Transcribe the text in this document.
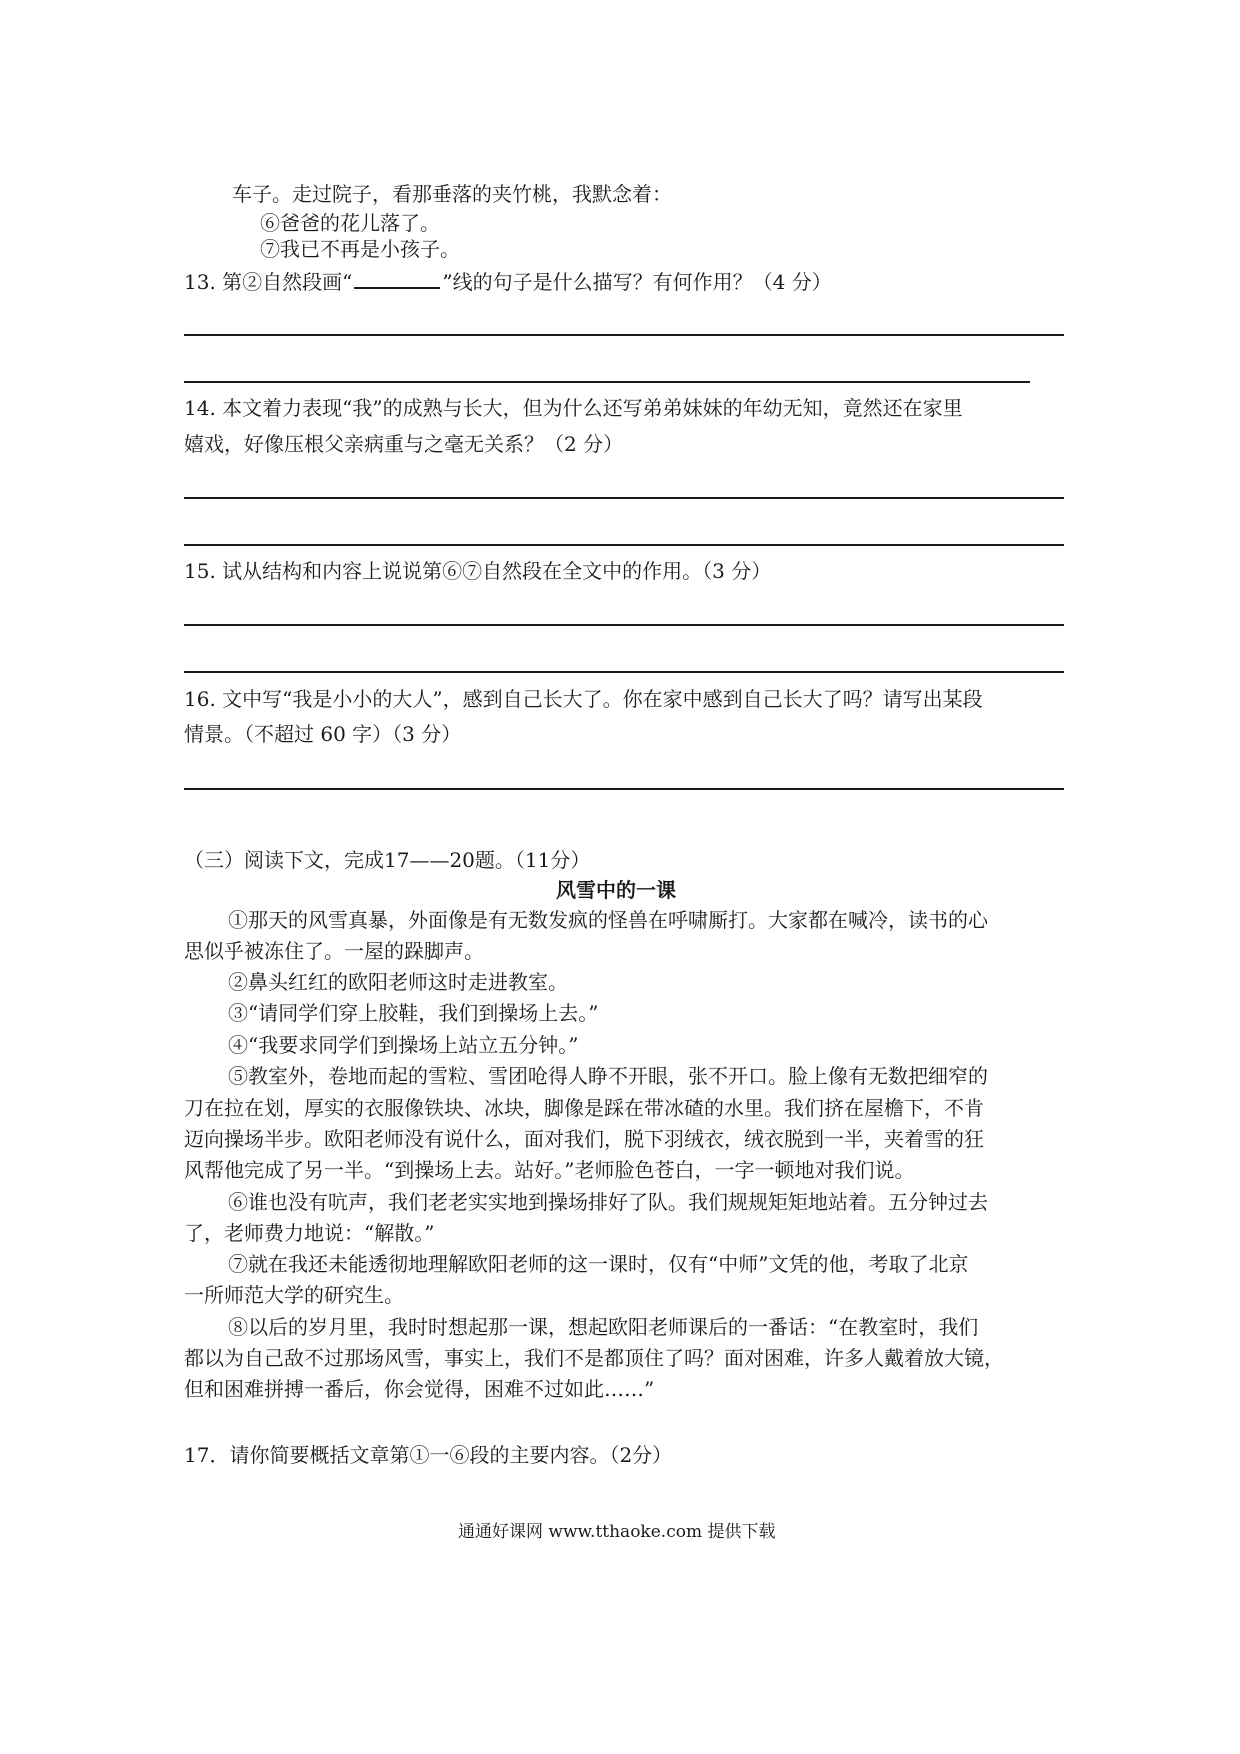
车子。走过院子，看那垂落的夹竹桃，我默念着：
⑥爸爸的花儿落了。
⑦我已不再是小孩子。
13. 第②自然段画“	”线的句子是什么描写？有何作用？（4 分）
14. 本文着力表现“我”的成熟与长大，但为什么还写弟弟妹妹的年幼无知，竟然还在家里
嬉戏，好像压根父亲病重与之毫无关系？（2 分）
15. 试从结构和内容上说说第⑥⑦自然段在全文中的作用。（3 分）
16. 文中写“我是小小的大人”，感到自己长大了。你在家中感到自己长大了吗？请写出某段
情景。（不超过 60 字）（3 分）
（三）阅读下文，完成17——20题。（11分）
风雪中的一课
①那天的风雪真暴，外面像是有无数发疯的怪兽在呼啸厮打。大家都在喊冷，读书的心
思似乎被冻住了。一屋的跺脚声。
②鼻头红红的欧阳老师这时走进教室。
③“请同学们穿上胶鞋，我们到操场上去。”
④“我要求同学们到操场上站立五分钟。”
⑤教室外，卷地而起的雪粒、雪团呛得人睁不开眼，张不开口。脸上像有无数把细窄的
刀在拉在划，厚实的衣服像铁块、冰块，脚像是踩在带冰碴的水里。我们挤在屋檐下，不肯
迈向操场半步。欧阳老师没有说什么，面对我们，脱下羽绒衣，绒衣脱到一半，夹着雪的狂
风帮他完成了另一半。“到操场上去。站好。”老师脸色苍白，一字一顿地对我们说。
⑥谁也没有吭声，我们老老实实地到操场排好了队。我们规规矩矩地站着。五分钟过去
了，老师费力地说：“解散。”
⑦就在我还未能透彻地理解欧阳老师的这一课时，仅有“中师”文凭的他，考取了北京
一所师范大学的研究生。
⑧以后的岁月里，我时时想起那一课，想起欧阳老师课后的一番话：“在教室时，我们
都以为自己敌不过那场风雪，事实上，我们不是都顶住了吗？面对困难，许多人戴着放大镜，
但和困难拼搏一番后，你会觉得，困难不过如此……”
17．请你简要概括文章第①一⑥段的主要内容。（2分）
通通好课网 www.tthaoke.com 提供下载
